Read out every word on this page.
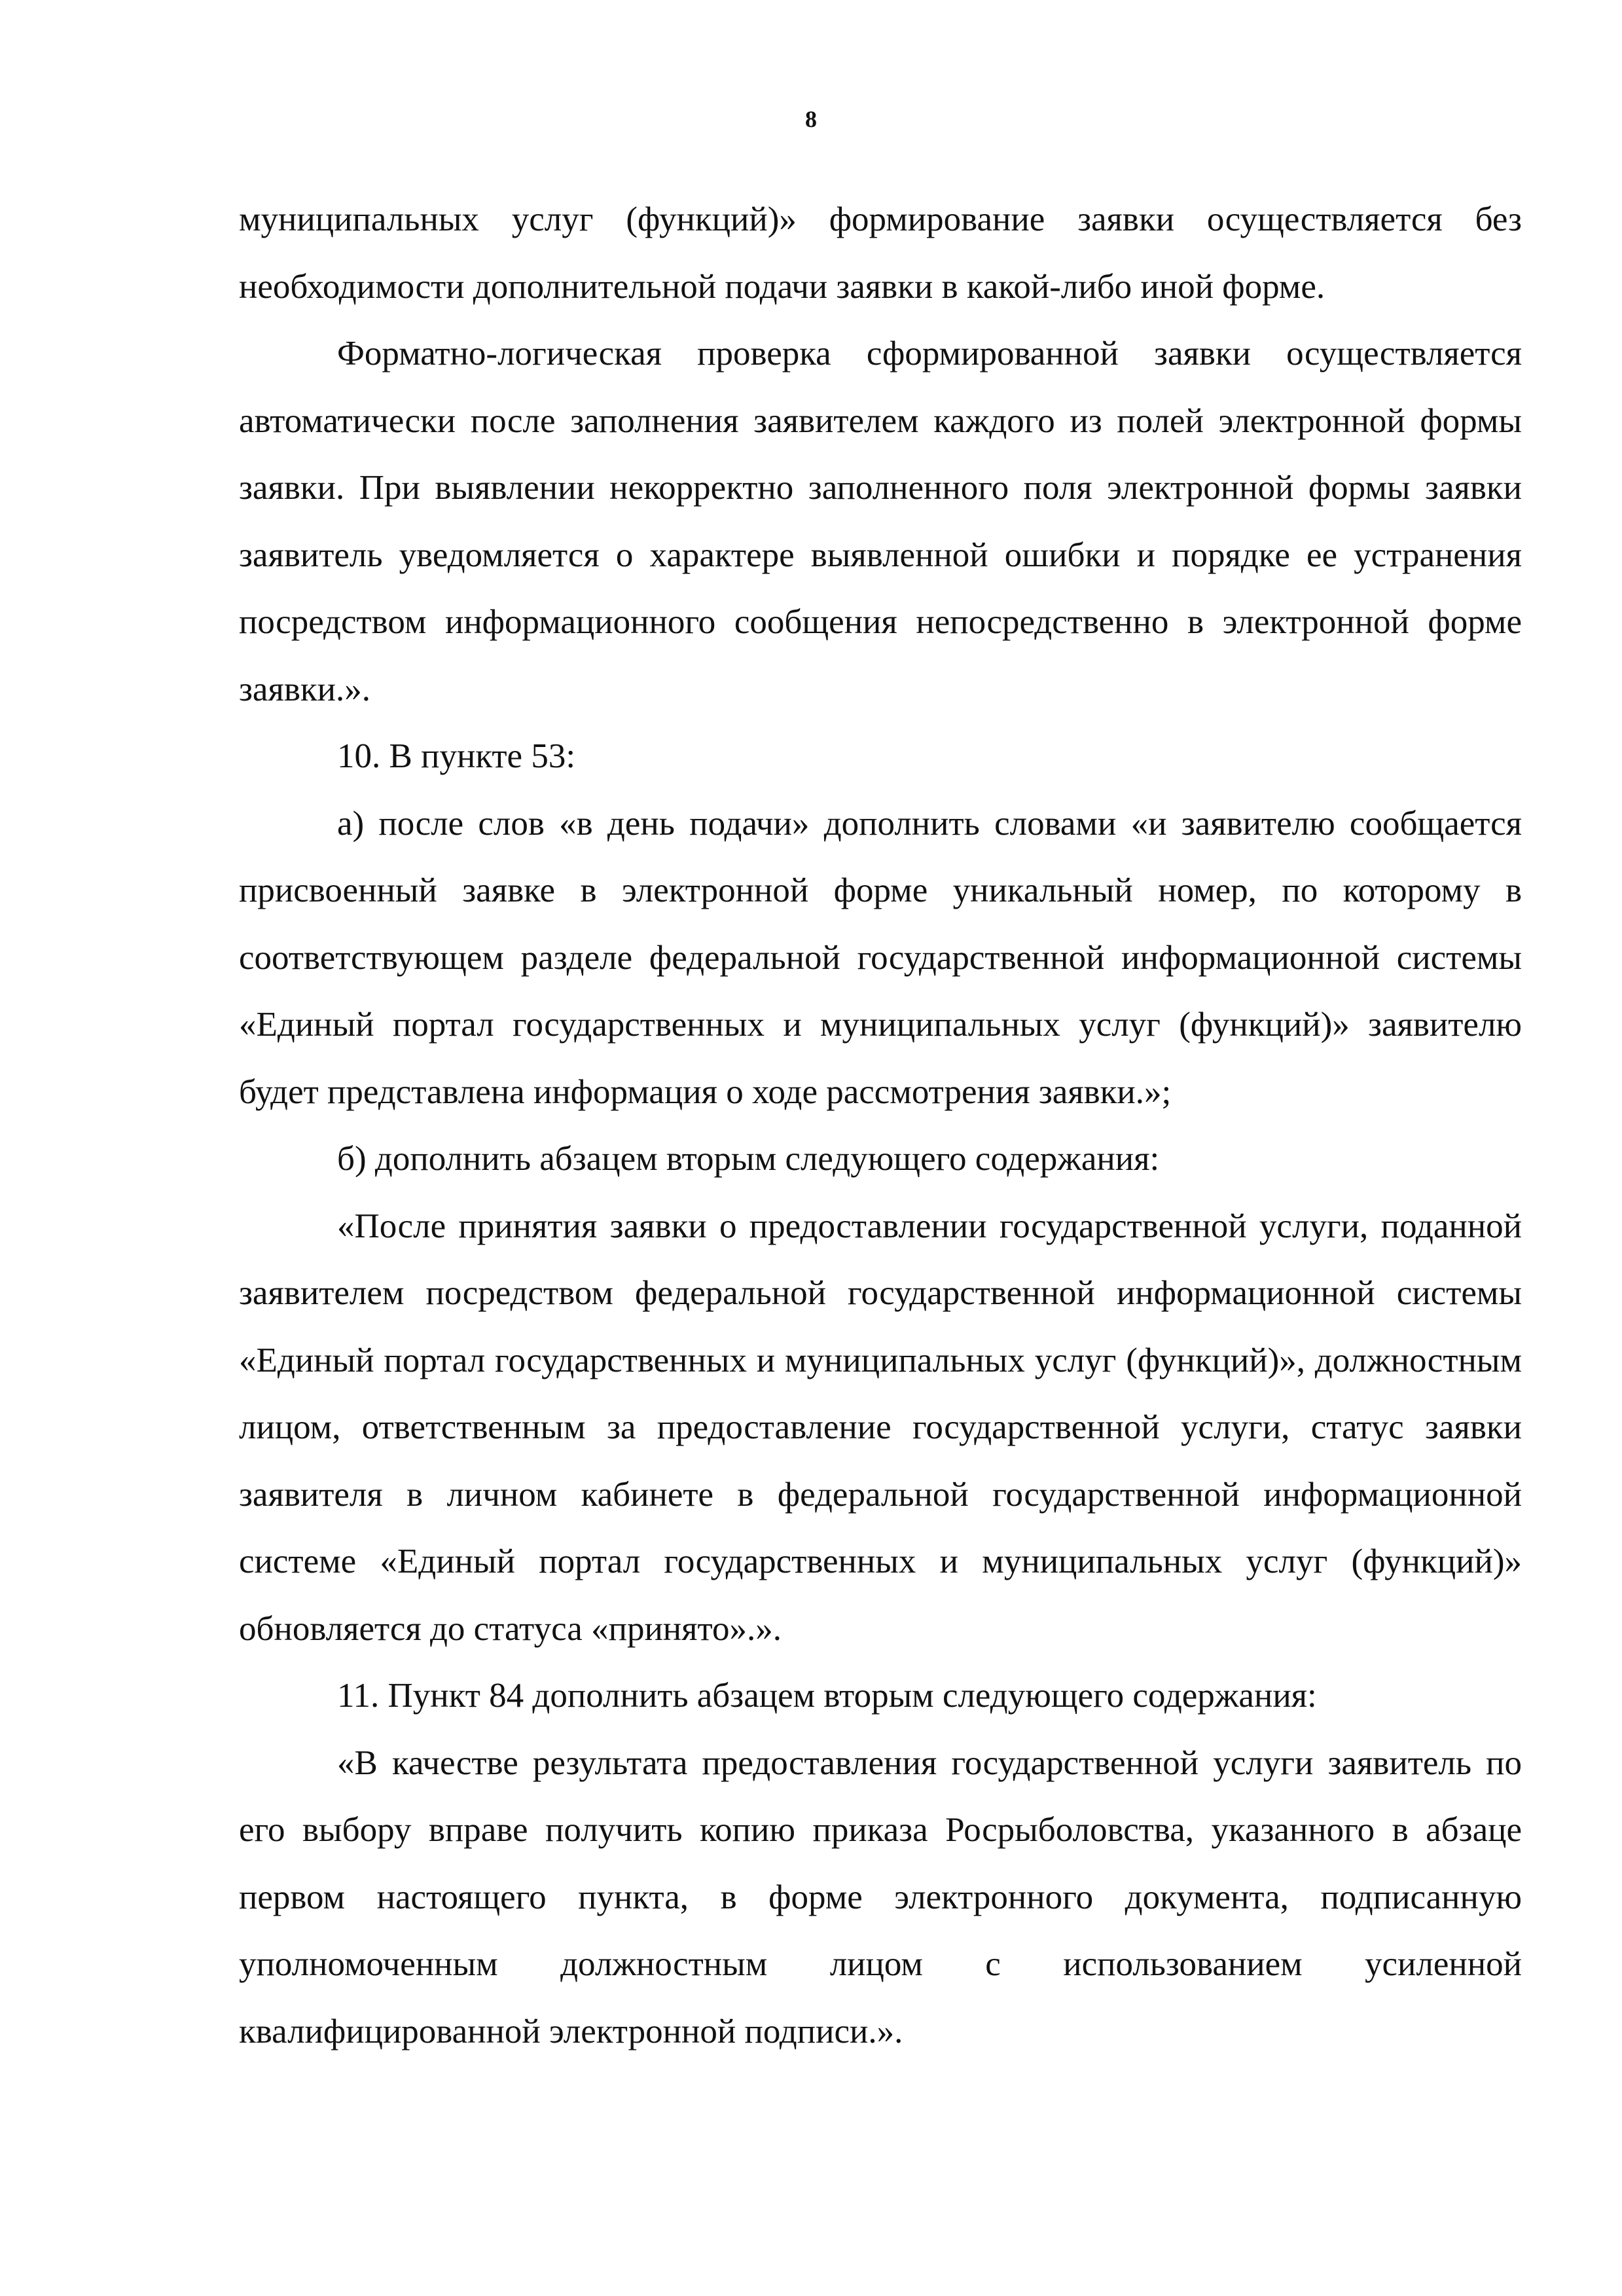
8

муниципальных услуг (функций)» формирование заявки осуществляется без необходимости дополнительной подачи заявки в какой-либо иной форме.

Форматно-логическая проверка сформированной заявки осуществляется автоматически после заполнения заявителем каждого из полей электронной формы заявки. При выявлении некорректно заполненного поля электронной формы заявки заявитель уведомляется о характере выявленной ошибки и порядке ее устранения посредством информационного сообщения непосредственно в электронной форме заявки.».

10. В пункте 53:

а) после слов «в день подачи» дополнить словами «и заявителю сообщается присвоенный заявке в электронной форме уникальный номер, по которому в соответствующем разделе федеральной государственной информационной системы «Единый портал государственных и муниципальных услуг (функций)» заявителю будет представлена информация о ходе рассмотрения заявки.»;

б) дополнить абзацем вторым следующего содержания:

«После принятия заявки о предоставлении государственной услуги, поданной заявителем посредством федеральной государственной информационной системы «Единый портал государственных и муниципальных услуг (функций)», должностным лицом, ответственным за предоставление государственной услуги, статус заявки заявителя в личном кабинете в федеральной государственной информационной системе «Единый портал государственных и муниципальных услуг (функций)» обновляется до статуса «принято».».

11. Пункт 84 дополнить абзацем вторым следующего содержания:

«В качестве результата предоставления государственной услуги заявитель по его выбору вправе получить копию приказа Росрыболовства, указанного в абзаце первом настоящего пункта, в форме электронного документа, подписанную уполномоченным должностным лицом с использованием усиленной квалифицированной электронной подписи.».
